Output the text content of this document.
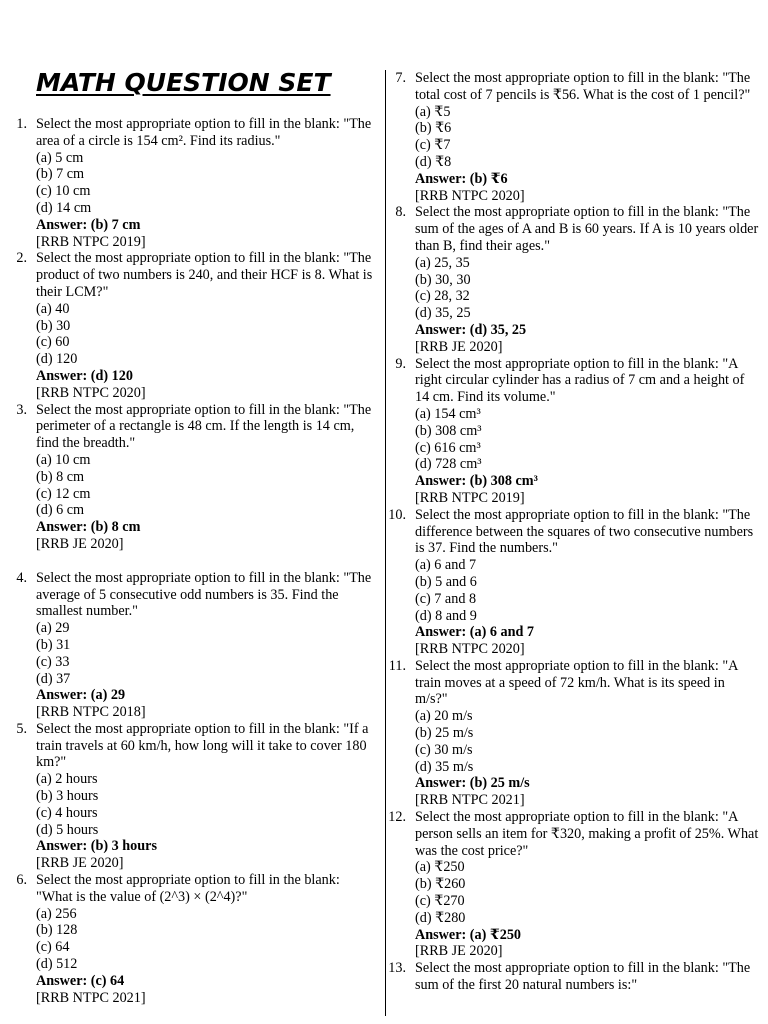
MATH QUESTION SET
1. Select the most appropriate option to fill in the blank: "The area of a circle is 154 cm². Find its radius."

(a) 5 cm

(b) 7 cm

(c) 10 cm

(d) 14 cm

Answer: (b) 7 cm

[RRB NTPC 2019]

2. Select the most appropriate option to fill in the blank: "The product of two numbers is 240, and their HCF is 8. What is their LCM?"

(a) 40

(b) 30

(c) 60

(d) 120

Answer: (d) 120

[RRB NTPC 2020]

3. Select the most appropriate option to fill in the blank: "The perimeter of a rectangle is 48 cm. If the length is 14 cm, find the breadth."

(a) 10 cm

(b) 8 cm

(c) 12 cm

(d) 6 cm

Answer: (b) 8 cm

[RRB JE 2020]

4. Select the most appropriate option to fill in the blank: "The average of 5 consecutive odd numbers is 35. Find the smallest number."

(a) 29

(b) 31

(c) 33

(d) 37

Answer: (a) 29

[RRB NTPC 2018]

5. Select the most appropriate option to fill in the blank: "If a train travels at 60 km/h, how long will it take to cover 180 km?"

(a) 2 hours

(b) 3 hours

(c) 4 hours

(d) 5 hours

Answer: (b) 3 hours

[RRB JE 2020]

6. Select the most appropriate option to fill in the blank: "What is the value of (2^3) × (2^4)?"

(a) 256

(b) 128

(c) 64

(d) 512

Answer: (c) 64

[RRB NTPC 2021]

7. Select the most appropriate option to fill in the blank: "The total cost of 7 pencils is ₹56. What is the cost of 1 pencil?"

(a) ₹5

(b) ₹6

(c) ₹7

(d) ₹8

Answer: (b) ₹6

[RRB NTPC 2020]

8. Select the most appropriate option to fill in the blank: "The sum of the ages of A and B is 60 years. If A is 10 years older than B, find their ages."

(a) 25, 35

(b) 30, 30

(c) 28, 32

(d) 35, 25

Answer: (d) 35, 25

[RRB JE 2020]

9. Select the most appropriate option to fill in the blank: "A right circular cylinder has a radius of 7 cm and a height of 14 cm. Find its volume."

(a) 154 cm³

(b) 308 cm³

(c) 616 cm³

(d) 728 cm³

Answer: (b) 308 cm³

[RRB NTPC 2019]

10. Select the most appropriate option to fill in the blank: "The difference between the squares of two consecutive numbers is 37. Find the numbers."

(a) 6 and 7

(b) 5 and 6

(c) 7 and 8

(d) 8 and 9

Answer: (a) 6 and 7

[RRB NTPC 2020]

11. Select the most appropriate option to fill in the blank: "A train moves at a speed of 72 km/h. What is its speed in m/s?"

(a) 20 m/s

(b) 25 m/s

(c) 30 m/s

(d) 35 m/s

Answer: (b) 25 m/s

[RRB NTPC 2021]

12. Select the most appropriate option to fill in the blank: "A person sells an item for ₹320, making a profit of 25%. What was the cost price?"

(a) ₹250

(b) ₹260

(c) ₹270

(d) ₹280

Answer: (a) ₹250

[RRB JE 2020]

13. Select the most appropriate option to fill in the blank: "The sum of the first 20 natural numbers is:"
